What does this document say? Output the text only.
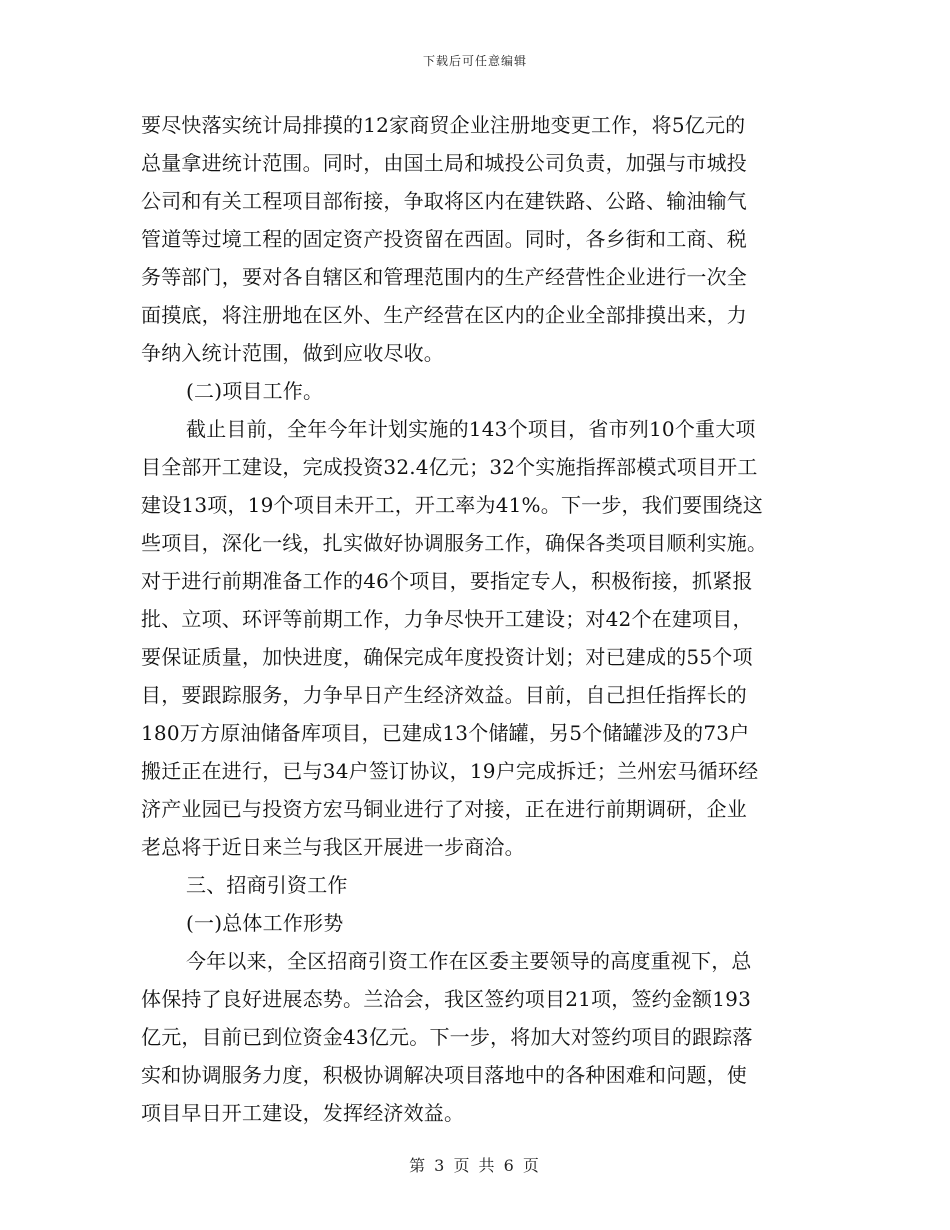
下载后可任意编辑
要尽快落实统计局排摸的12家商贸企业注册地变更工作，将5亿元的
总量拿进统计范围。同时，由国土局和城投公司负责，加强与市城投
公司和有关工程项目部衔接，争取将区内在建铁路、公路、输油输气
管道等过境工程的固定资产投资留在西固。同时，各乡街和工商、税
务等部门，要对各自辖区和管理范围内的生产经营性企业进行一次全
面摸底，将注册地在区外、生产经营在区内的企业全部排摸出来，力
争纳入统计范围，做到应收尽收。
(二)项目工作。
截止目前，全年今年计划实施的143个项目，省市列10个重大项
目全部开工建设，完成投资32.4亿元；32个实施指挥部模式项目开工
建设13项，19个项目未开工，开工率为41%。下一步，我们要围绕这
些项目，深化一线，扎实做好协调服务工作，确保各类项目顺利实施。
对于进行前期准备工作的46个项目，要指定专人，积极衔接，抓紧报
批、立项、环评等前期工作，力争尽快开工建设；对42个在建项目，
要保证质量，加快进度，确保完成年度投资计划；对已建成的55个项
目，要跟踪服务，力争早日产生经济效益。目前，自己担任指挥长的
180万方原油储备库项目，已建成13个储罐，另5个储罐涉及的73户
搬迁正在进行，已与34户签订协议，19户完成拆迁；兰州宏马循环经
济产业园已与投资方宏马铜业进行了对接，正在进行前期调研，企业
老总将于近日来兰与我区开展进一步商洽。
三、招商引资工作
(一)总体工作形势
今年以来，全区招商引资工作在区委主要领导的高度重视下，总
体保持了良好进展态势。兰洽会，我区签约项目21项，签约金额193
亿元，目前已到位资金43亿元。下一步，将加大对签约项目的跟踪落
实和协调服务力度，积极协调解决项目落地中的各种困难和问题，使
项目早日开工建设，发挥经济效益。
第 3 页 共 6 页
